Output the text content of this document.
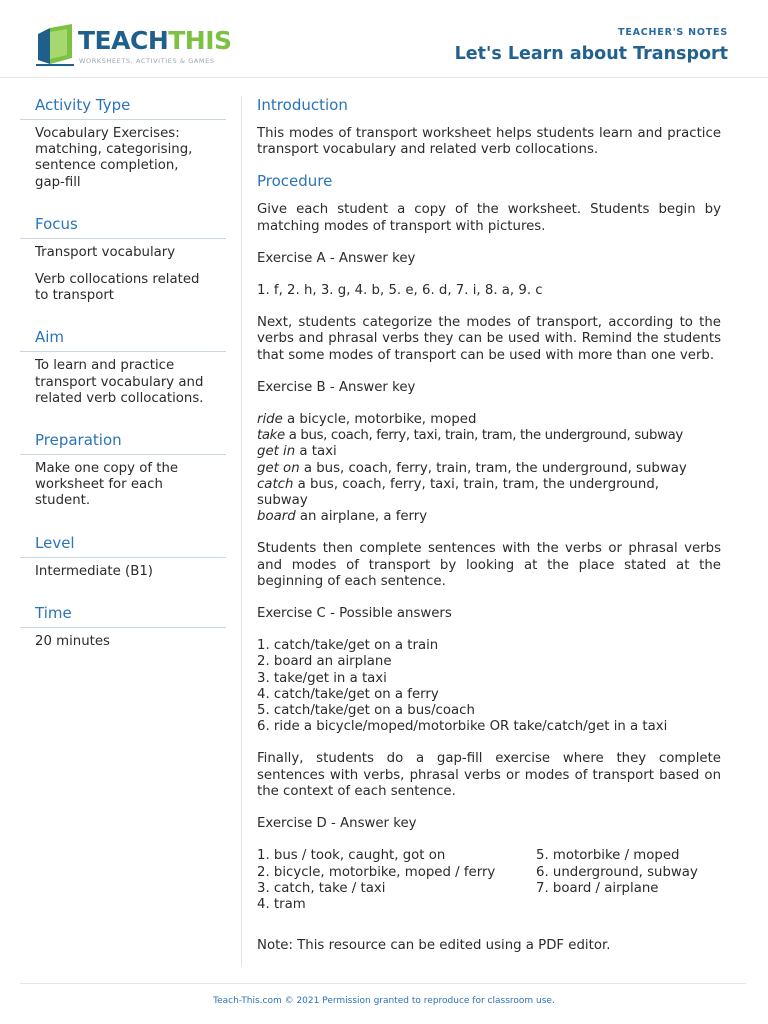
TEACHTHIS
WORKSHEETS, ACTIVITIES & GAMES
TEACHER'S NOTES
Let's Learn about Transport
Activity Type

Vocabulary Exercises:
matching, categorising,
sentence completion,
gap-fill

Focus

Transport vocabulary

Verb collocations related
to transport

Aim

To learn and practice
transport vocabulary and
related verb collocations.

Preparation

Make one copy of the
worksheet for each
student.

Level

Intermediate (B1)

Time

20 minutes

Introduction

This modes of transport worksheet helps students learn and practice transport vocabulary and related verb collocations.

Procedure

Give each student a copy of the worksheet. Students begin by matching modes of transport with pictures.

Exercise A - Answer key

1. f, 2. h, 3. g, 4. b, 5. e, 6. d, 7. i, 8. a, 9. c

Next, students categorize the modes of transport, according to the verbs and phrasal verbs they can be used with. Remind the students that some modes of transport can be used with more than one verb.

Exercise B - Answer key

ride a bicycle, motorbike, moped
take a bus, coach, ferry, taxi, train, tram, the underground, subway
get in a taxi
get on a bus, coach, ferry, train, tram, the underground, subway
catch a bus, coach, ferry, taxi, train, tram, the underground,
subway
board an airplane, a ferry

Students then complete sentences with the verbs or phrasal verbs and modes of transport by looking at the place stated at the beginning of each sentence.

Exercise C - Possible answers

1. catch/take/get on a train
2. board an airplane
3. take/get in a taxi
4. catch/take/get on a ferry
5. catch/take/get on a bus/coach
6. ride a bicycle/moped/motorbike OR take/catch/get in a taxi

Finally, students do a gap-fill exercise where they complete sentences with verbs, phrasal verbs or modes of transport based on the context of each sentence.

Exercise D - Answer key

1. bus / took, caught, got on
2. bicycle, motorbike, moped / ferry
3. catch, take / taxi
4. tram
5. motorbike / moped
6. underground, subway
7. board / airplane

Note: This resource can be edited using a PDF editor.

Teach-This.com © 2021 Permission granted to reproduce for classroom use.
